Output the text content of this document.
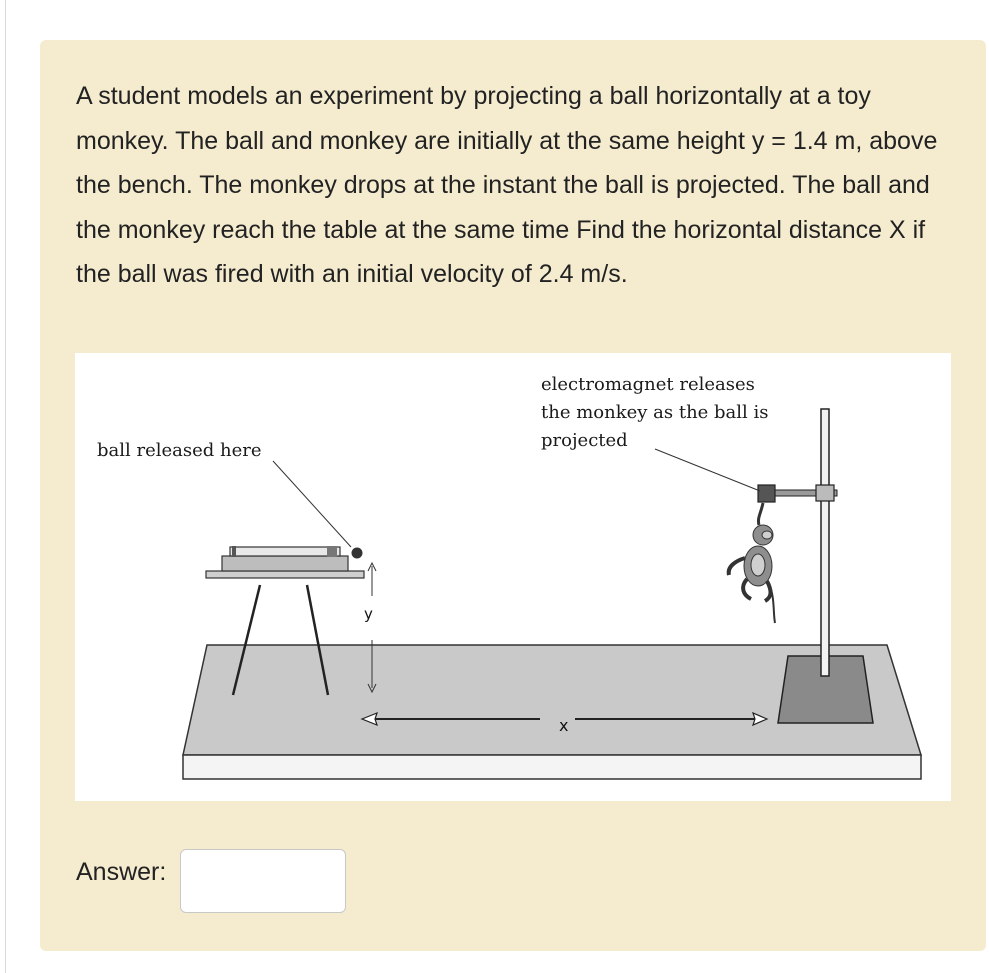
A student models an experiment by projecting a ball horizontally at a toy monkey. The ball and monkey are initially at the same height y = 1.4 m, above the bench. The monkey drops at the instant the ball is projected. The ball and the monkey reach the table at the same time Find the horizontal distance X if the ball was fired with an initial velocity of 2.4 m/s.

ball released here
electromagnet releases
the monkey as the ball is
projected
y
x
Answer:
